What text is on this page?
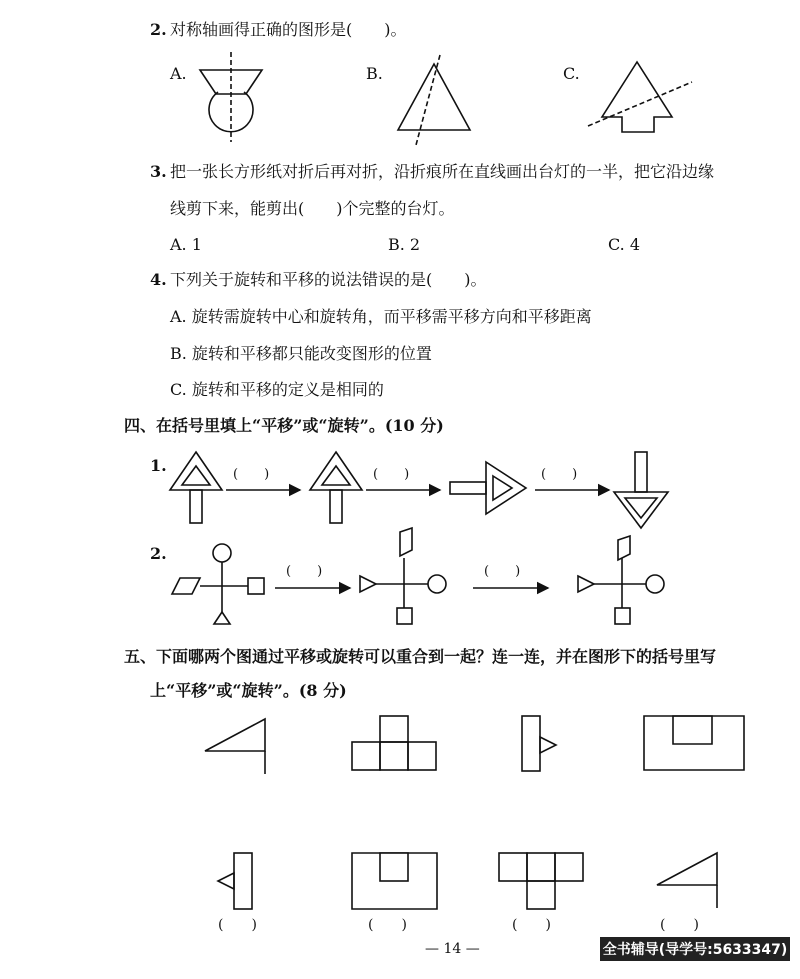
2. 对称轴画得正确的图形是(　　)。
A.	B.	C.
3. 把一张长方形纸对折后再对折，沿折痕所在直线画出台灯的一半，把它沿边缘
线剪下来，能剪出(　　)个完整的台灯。
A. 1	B. 2	C. 4
4. 下列关于旋转和平移的说法错误的是(　　)。
A. 旋转需旋转中心和旋转角，而平移需平移方向和平移距离
B. 旋转和平移都只能改变图形的位置
C. 旋转和平移的定义是相同的
四、在括号里填上“平移”或“旋转”。(10 分)
1.
2.
(　　)	(　　)	(　　)
(　　)	(　　)
五、下面哪两个图通过平移或旋转可以重合到一起？连一连，并在图形下的括号里写
上“平移”或“旋转”。(8 分)
(　　)	(　　)	(　　)	(　　)
— 14 —	全书辅导(导学号:5633347)
